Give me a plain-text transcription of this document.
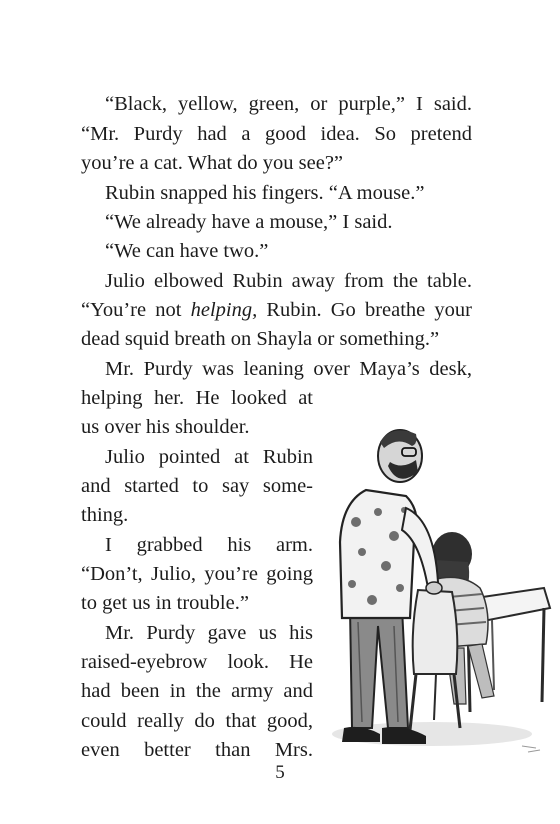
“Black, yellow, green, or purple,” I said.
“Mr. Purdy had a good idea. So pretend
you’re a cat. What do you see?”
Rubin snapped his fingers. “A mouse.”
“We already have a mouse,” I said.
“We can have two.”
Julio elbowed Rubin away from the table.
“You’re not helping, Rubin. Go breathe your
dead squid breath on Shayla or something.”
Mr. Purdy was leaning over Maya’s desk,
helping her. He looked at
us over his shoulder.
Julio pointed at Rubin
and started to say some-
thing.
I grabbed his arm.
“Don’t, Julio, you’re going
to get us in trouble.”
Mr. Purdy gave us his
raised-eyebrow look. He
had been in the army and
could really do that good,
even better than Mrs.
5
